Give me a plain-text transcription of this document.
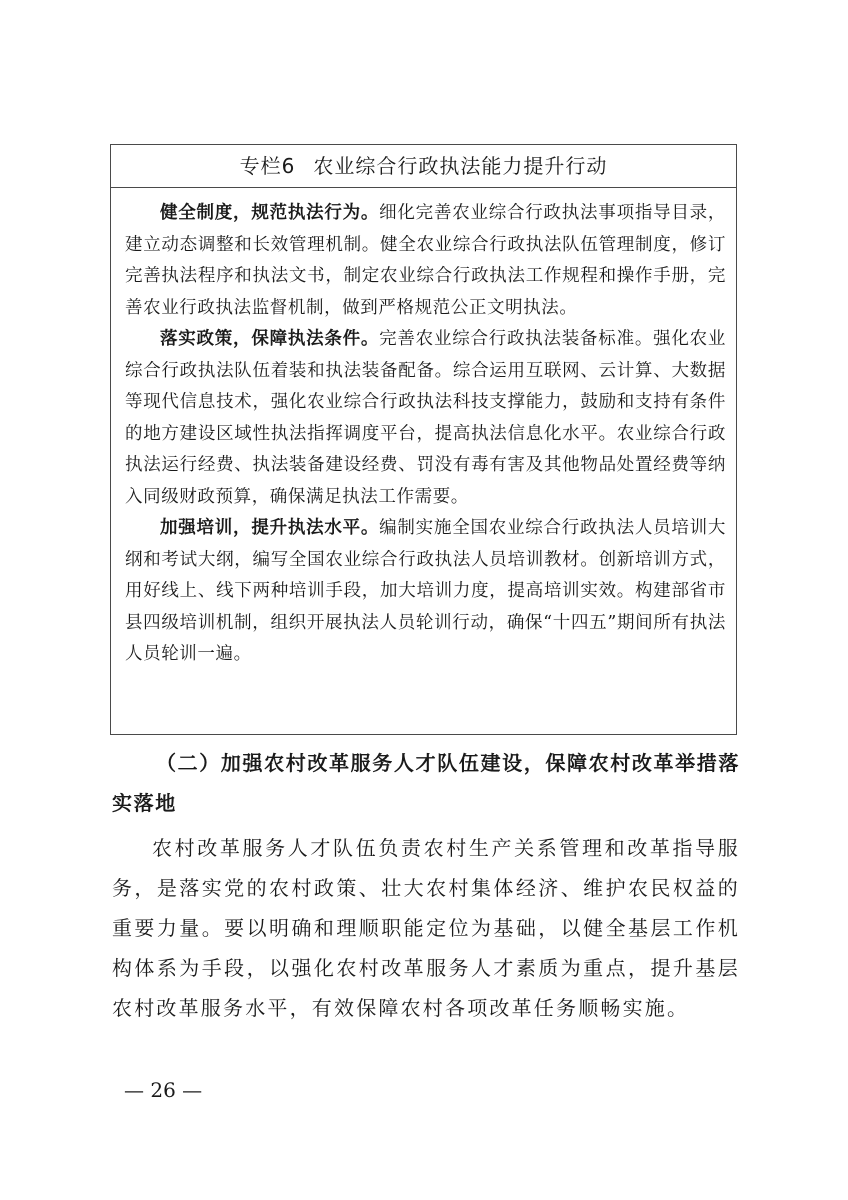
专栏6 农业综合行政执法能力提升行动

健全制度，规范执法行为。细化完善农业综合行政执法事项指导目录，建立动态调整和长效管理机制。健全农业综合行政执法队伍管理制度，修订完善执法程序和执法文书，制定农业综合行政执法工作规程和操作手册，完善农业行政执法监督机制，做到严格规范公正文明执法。

落实政策，保障执法条件。完善农业综合行政执法装备标准。强化农业综合行政执法队伍着装和执法装备配备。综合运用互联网、云计算、大数据等现代信息技术，强化农业综合行政执法科技支撑能力，鼓励和支持有条件的地方建设区域性执法指挥调度平台，提高执法信息化水平。农业综合行政执法运行经费、执法装备建设经费、罚没有毒有害及其他物品处置经费等纳入同级财政预算，确保满足执法工作需要。

加强培训，提升执法水平。编制实施全国农业综合行政执法人员培训大纲和考试大纲，编写全国农业综合行政执法人员培训教材。创新培训方式，用好线上、线下两种培训手段，加大培训力度，提高培训实效。构建部省市县四级培训机制，组织开展执法人员轮训行动，确保“十四五”期间所有执法人员轮训一遍。

（二）加强农村改革服务人才队伍建设，保障农村改革举措落实落地

农村改革服务人才队伍负责农村生产关系管理和改革指导服务，是落实党的农村政策、壮大农村集体经济、维护农民权益的重要力量。要以明确和理顺职能定位为基础，以健全基层工作机构体系为手段，以强化农村改革服务人才素质为重点，提升基层农村改革服务水平，有效保障农村各项改革任务顺畅实施。

— 26 —
